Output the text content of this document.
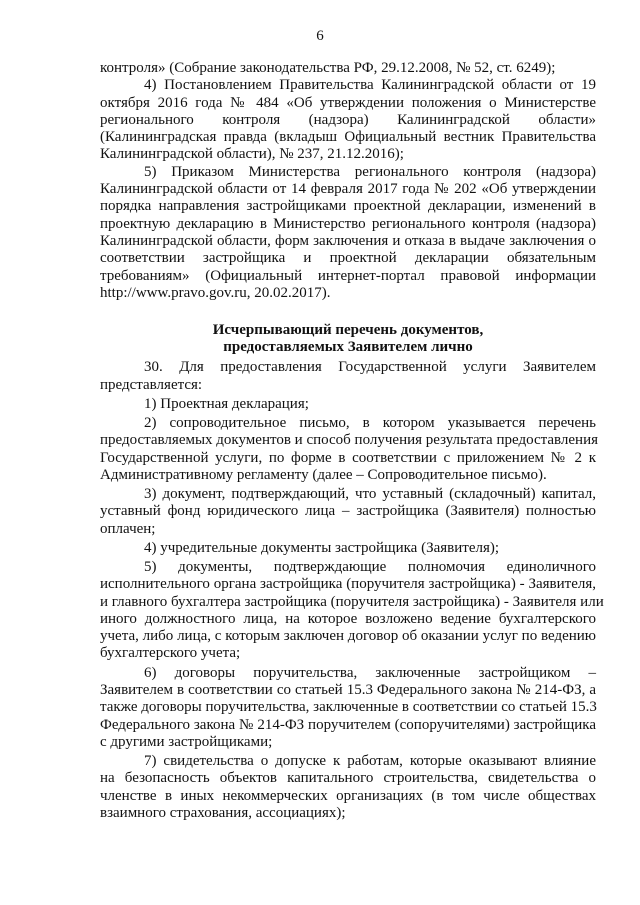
6
контроля» (Собрание законодательства РФ, 29.12.2008, № 52, ст. 6249);
4) Постановлением Правительства Калининградской области от 19
октября 2016 года № 484 «Об утверждении положения о Министерстве
регионального контроля (надзора) Калининградской области»
(Калининградская правда (вкладыш Официальный вестник Правительства
Калининградской области), № 237, 21.12.2016);
5) Приказом Министерства регионального контроля (надзора)
Калининградской области от 14 февраля 2017 года № 202 «Об утверждении
порядка направления застройщиками проектной декларации, изменений в
проектную декларацию в Министерство регионального контроля (надзора)
Калининградской области, форм заключения и отказа в выдаче заключения о
соответствии застройщика и проектной декларации обязательным
требованиям» (Официальный интернет-портал правовой информации
http://www.pravo.gov.ru, 20.02.2017).
Исчерпывающий перечень документов,
предоставляемых Заявителем лично
30. Для предоставления Государственной услуги Заявителем
представляется:
1) Проектная декларация;
2) сопроводительное письмо, в котором указывается перечень
предоставляемых документов и способ получения результата предоставления
Государственной услуги, по форме в соответствии с приложением № 2 к
Административному регламенту (далее – Сопроводительное письмо).
3) документ, подтверждающий, что уставный (складочный) капитал,
уставный фонд юридического лица – застройщика (Заявителя) полностью
оплачен;
4) учредительные документы застройщика (Заявителя);
5) документы, подтверждающие полномочия единоличного
исполнительного органа застройщика (поручителя застройщика) - Заявителя,
и главного бухгалтера застройщика (поручителя застройщика) - Заявителя или
иного должностного лица, на которое возложено ведение бухгалтерского
учета, либо лица, с которым заключен договор об оказании услуг по ведению
бухгалтерского учета;
6) договоры поручительства, заключенные застройщиком –
Заявителем в соответствии со статьей 15.3 Федерального закона № 214-ФЗ, а
также договоры поручительства, заключенные в соответствии со статьей 15.3
Федерального закона № 214-ФЗ поручителем (сопоручителями) застройщика
с другими застройщиками;
7) свидетельства о допуске к работам, которые оказывают влияние
на безопасность объектов капитального строительства, свидетельства о
членстве в иных некоммерческих организациях (в том числе обществах
взаимного страхования, ассоциациях);
